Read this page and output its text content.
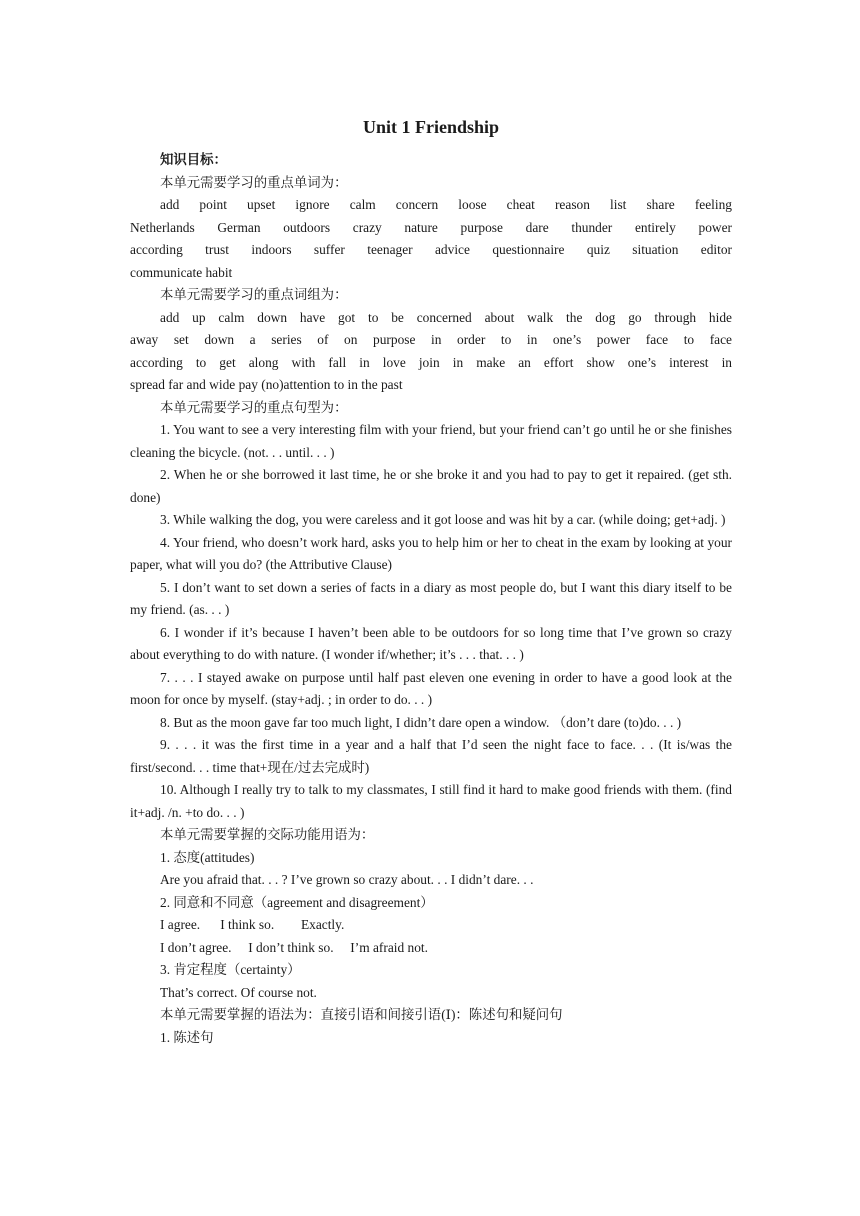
Unit 1 Friendship

知识目标：

本单元需要学习的重点单词为：

add point upset ignore calm concern loose cheat reason list share feeling

Netherlands German outdoors crazy nature purpose dare thunder entirely power

according trust indoors suffer teenager advice questionnaire quiz situation editor

communicate habit

本单元需要学习的重点词组为：

add up calm down have got to be concerned about walk the dog go through hide

away set down a series of on purpose in order to in one’s power face to face

according to get along with fall in love join in make an effort show one’s interest in

spread far and wide pay (no)attention to in the past

本单元需要学习的重点句型为：

1. You want to see a very interesting film with your friend, but your friend can’t go until he or she finishes cleaning the bicycle. (not. . . until. . . )

2. When he or she borrowed it last time, he or she broke it and you had to pay to get it repaired. (get sth. done)

3. While walking the dog, you were careless and it got loose and was hit by a car. (while doing; get+adj. )

4. Your friend, who doesn’t work hard, asks you to help him or her to cheat in the exam by looking at your paper, what will you do? (the Attributive Clause)

5. I don’t want to set down a series of facts in a diary as most people do, but I want this diary itself to be my friend. (as. . . )

6. I wonder if it’s because I haven’t been able to be outdoors for so long time that I’ve grown so crazy about everything to do with nature. (I wonder if/whether; it’s . . . that. . . )

7. . . . I stayed awake on purpose until half past eleven one evening in order to have a good look at the moon for once by myself. (stay+adj. ; in order to do. . . )

8. But as the moon gave far too much light, I didn’t dare open a window. （don’t dare (to)do. . . )

9. . . . it was the first time in a year and a half that I’d seen the night face to face. . . (It is/was the first/second. . . time that+现在/过去完成时)

10. Although I really try to talk to my classmates, I still find it hard to make good friends with them. (find it+adj. /n. +to do. . . )

本单元需要掌握的交际功能用语为：

1. 态度(attitudes)

Are you afraid that. . . ? I’ve grown so crazy about. . . I didn’t dare. . .

2. 同意和不同意（agreement and disagreement）

I agree.      I think so.        Exactly.

I don’t agree.     I don’t think so.     I’m afraid not.

3. 肯定程度（certainty）

That’s correct. Of course not.

本单元需要掌握的语法为：直接引语和间接引语(Ⅰ)：陈述句和疑问句

1. 陈述句
